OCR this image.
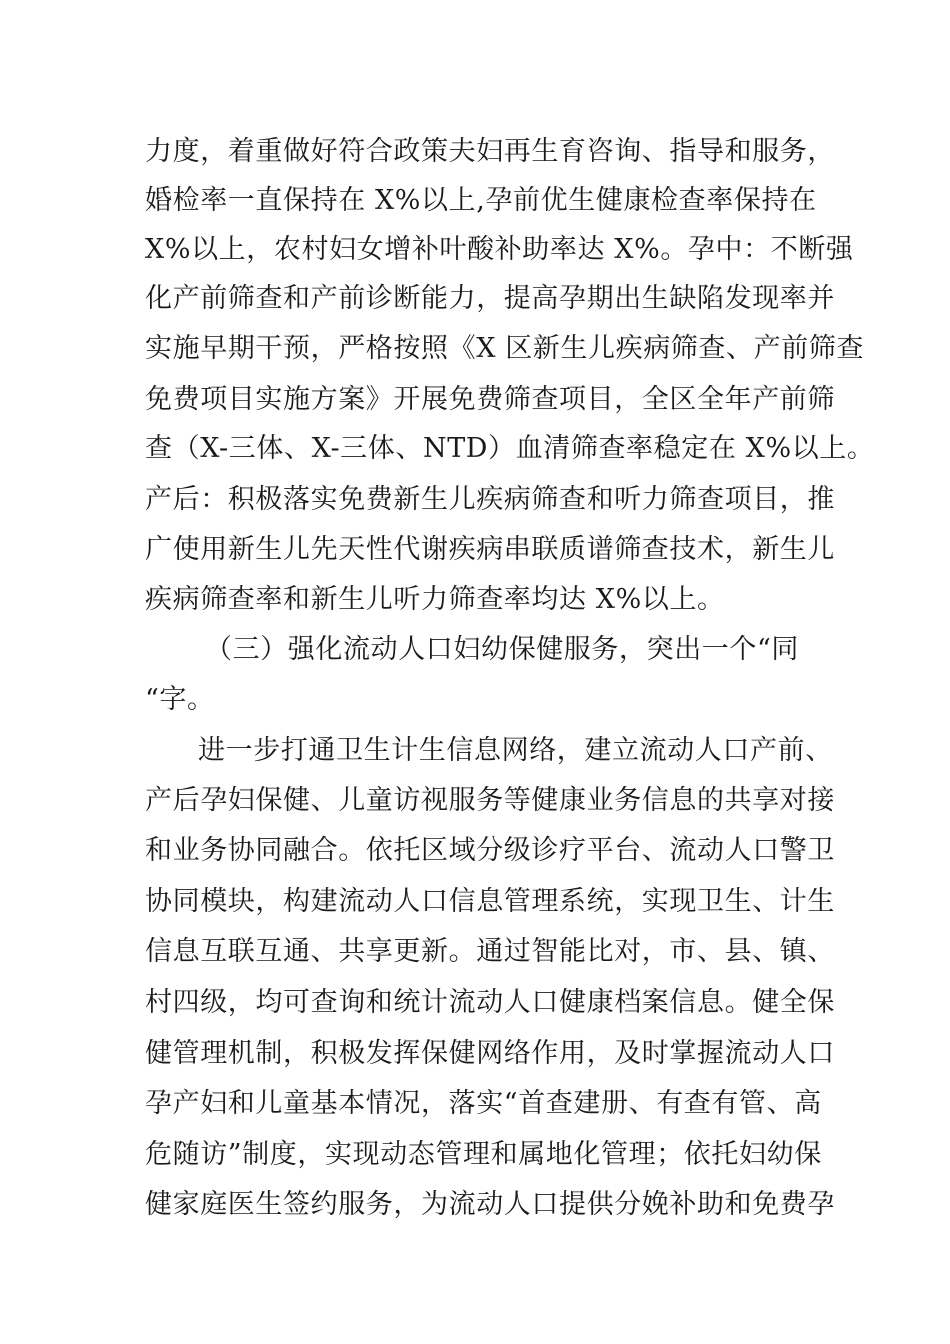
力度，着重做好符合政策夫妇再生育咨询、指导和服务，
婚检率一直保持在 X%以上,孕前优生健康检查率保持在
X%以上，农村妇女增补叶酸补助率达 X%。孕中：不断强
化产前筛查和产前诊断能力，提高孕期出生缺陷发现率并
实施早期干预，严格按照《X 区新生儿疾病筛查、产前筛查
免费项目实施方案》开展免费筛查项目，全区全年产前筛
查（X-三体、X-三体、NTD）血清筛查率稳定在 X%以上。
产后：积极落实免费新生儿疾病筛查和听力筛查项目，推
广使用新生儿先天性代谢疾病串联质谱筛查技术，新生儿
疾病筛查率和新生儿听力筛查率均达 X%以上。
（三）强化流动人口妇幼保健服务，突出一个“同
“字。
进一步打通卫生计生信息网络，建立流动人口产前、
产后孕妇保健、儿童访视服务等健康业务信息的共享对接
和业务协同融合。依托区域分级诊疗平台、流动人口警卫
协同模块，构建流动人口信息管理系统，实现卫生、计生
信息互联互通、共享更新。通过智能比对，市、县、镇、
村四级，均可查询和统计流动人口健康档案信息。健全保
健管理机制，积极发挥保健网络作用，及时掌握流动人口
孕产妇和儿童基本情况，落实“首查建册、有查有管、高
危随访”制度，实现动态管理和属地化管理；依托妇幼保
健家庭医生签约服务，为流动人口提供分娩补助和免费孕
